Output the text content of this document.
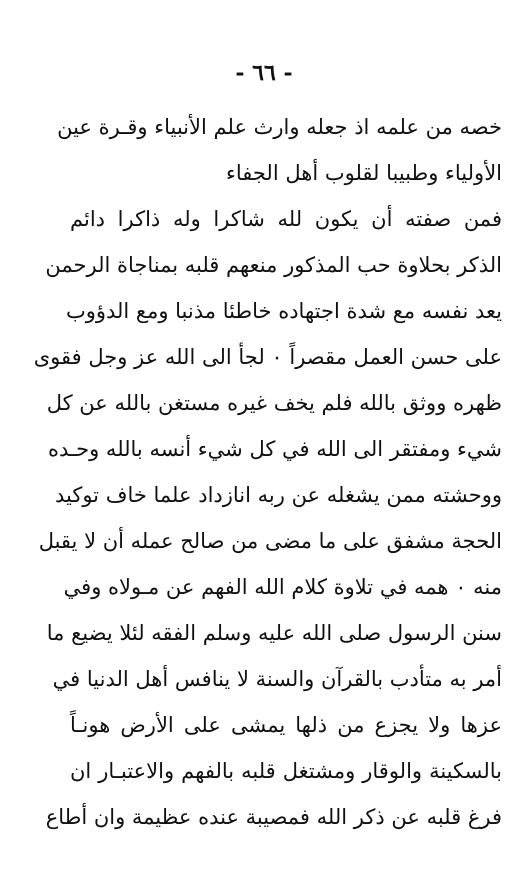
- ٦٦ -
خصه من علمه اذ جعله وارث علم الأنبياء وقـرة عين
الأولياء وطبيبا لقلوب أهل الجفاء
فمن صفته أن يكون لله شاكرا وله ذاكرا دائم
الذكر بحلاوة حب المذكور منعهم قلبه بمناجاة الرحمن
يعد نفسه مع شدة اجتهاده خاطئا مذنبا ومع الدؤوب
على حسن العمل مقصراً ٠ لجأ الى الله عز وجل فقوى
ظهره ووثق بالله فلم يخف غيره مستغن بالله عن كل
شيء ومفتقر الى الله في كل شيء أنسه بالله وحـده
ووحشته ممن يشغله عن ربه انازداد علما خاف توكيد
الحجة مشفق على ما مضى من صالح عمله أن لا يقبل
منه ٠ همه في تلاوة كلام الله الفهم عن مـولاه وفي
سنن الرسول صلى الله عليه وسلم الفقه لئلا يضيع ما
أمر به متأدب بالقرآن والسنة لا ينافس أهل الدنيا في
عزها ولا يجزع من ذلها يمشى على الأرض هونـاً
بالسكينة والوقار ومشتغل قلبه بالفهم والاعتبـار ان
فرغ قلبه عن ذكر الله فمصيبة عنده عظيمة وان أطاع
